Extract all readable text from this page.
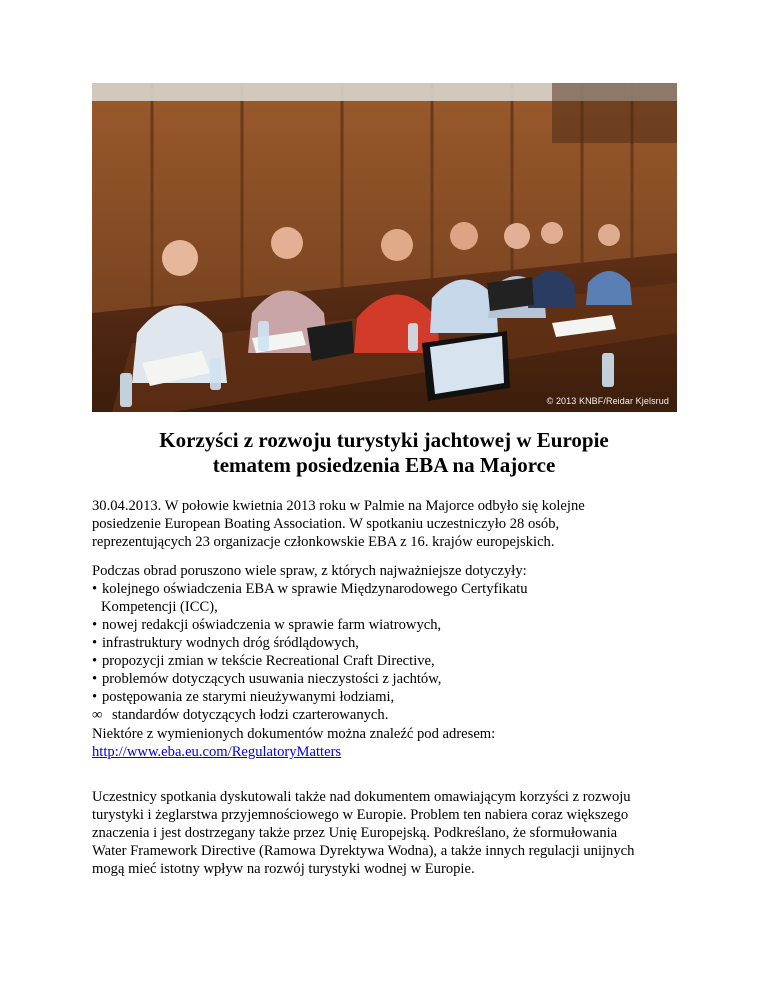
© 2013 KNBF/Reidar Kjelsrud
Korzyści z rozwoju turystyki jachtowej w Europie
tematem posiedzenia EBA na Majorce

30.04.2013. W połowie kwietnia 2013 roku w Palmie na Majorce odbyło się kolejne
posiedzenie European Boating Association. W spotkaniu uczestniczyło 28 osób,
reprezentujących 23 organizacje członkowskie EBA z 16. krajów europejskich.

Podczas obrad poruszono wiele spraw, z których najważniejsze dotyczyły:

• kolejnego oświadczenia EBA w sprawie Międzynarodowego Certyfikatu
Kompetencji (ICC),
• nowej redakcji oświadczenia w sprawie farm wiatrowych,
• infrastruktury wodnych dróg śródlądowych,
• propozycji zmian w tekście Recreational Craft Directive,
• problemów dotyczących usuwania nieczystości z jachtów,
• postępowania ze starymi nieużywanymi łodziami,
∞ standardów dotyczących łodzi czarterowanych.

Niektóre z wymienionych dokumentów można znaleźć pod adresem:
http://www.eba.eu.com/RegulatoryMatters

Uczestnicy spotkania dyskutowali także nad dokumentem omawiającym korzyści z rozwoju
turystyki i żeglarstwa przyjemnościowego w Europie. Problem ten nabiera coraz większego
znaczenia i jest dostrzegany także przez Unię Europejską. Podkreślano, że sformułowania
Water Framework Directive (Ramowa Dyrektywa Wodna), a także innych regulacji unijnych
mogą mieć istotny wpływ na rozwój turystyki wodnej w Europie.
